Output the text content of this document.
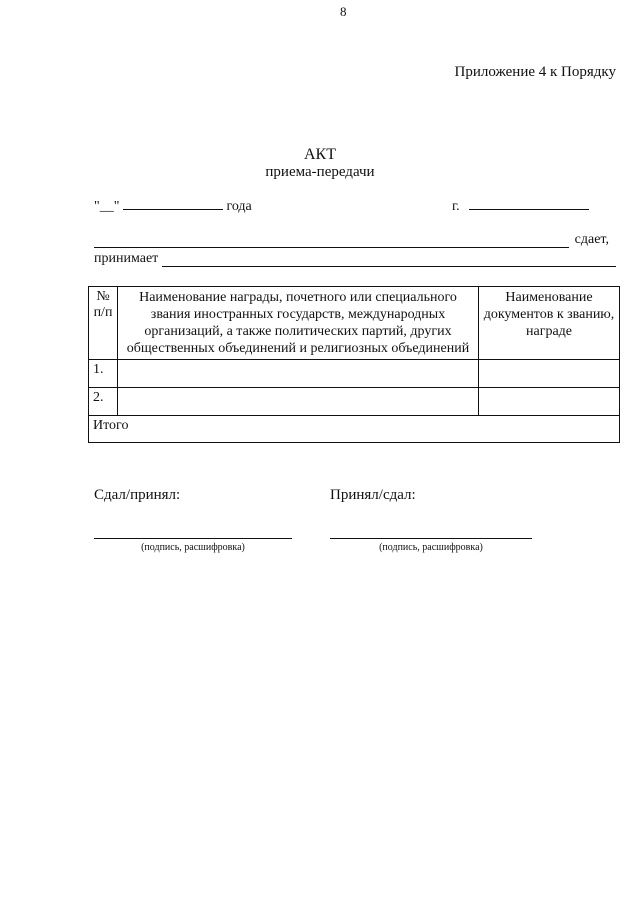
8
Приложение 4 к Порядку
АКТ
приема-передачи
"__"	года	г.
сдает,
принимает
№ п/п	Наименование награды, почетного или специального звания иностранных государств, международных организаций, а также политических партий, других общественных объединений и религиозных объединений	Наименование документов к званию, награде
1.		
2.		
Итого		
Сдал/принял:	Принял/сдал:
(подпись, расшифровка)	(подпись, расшифровка)
